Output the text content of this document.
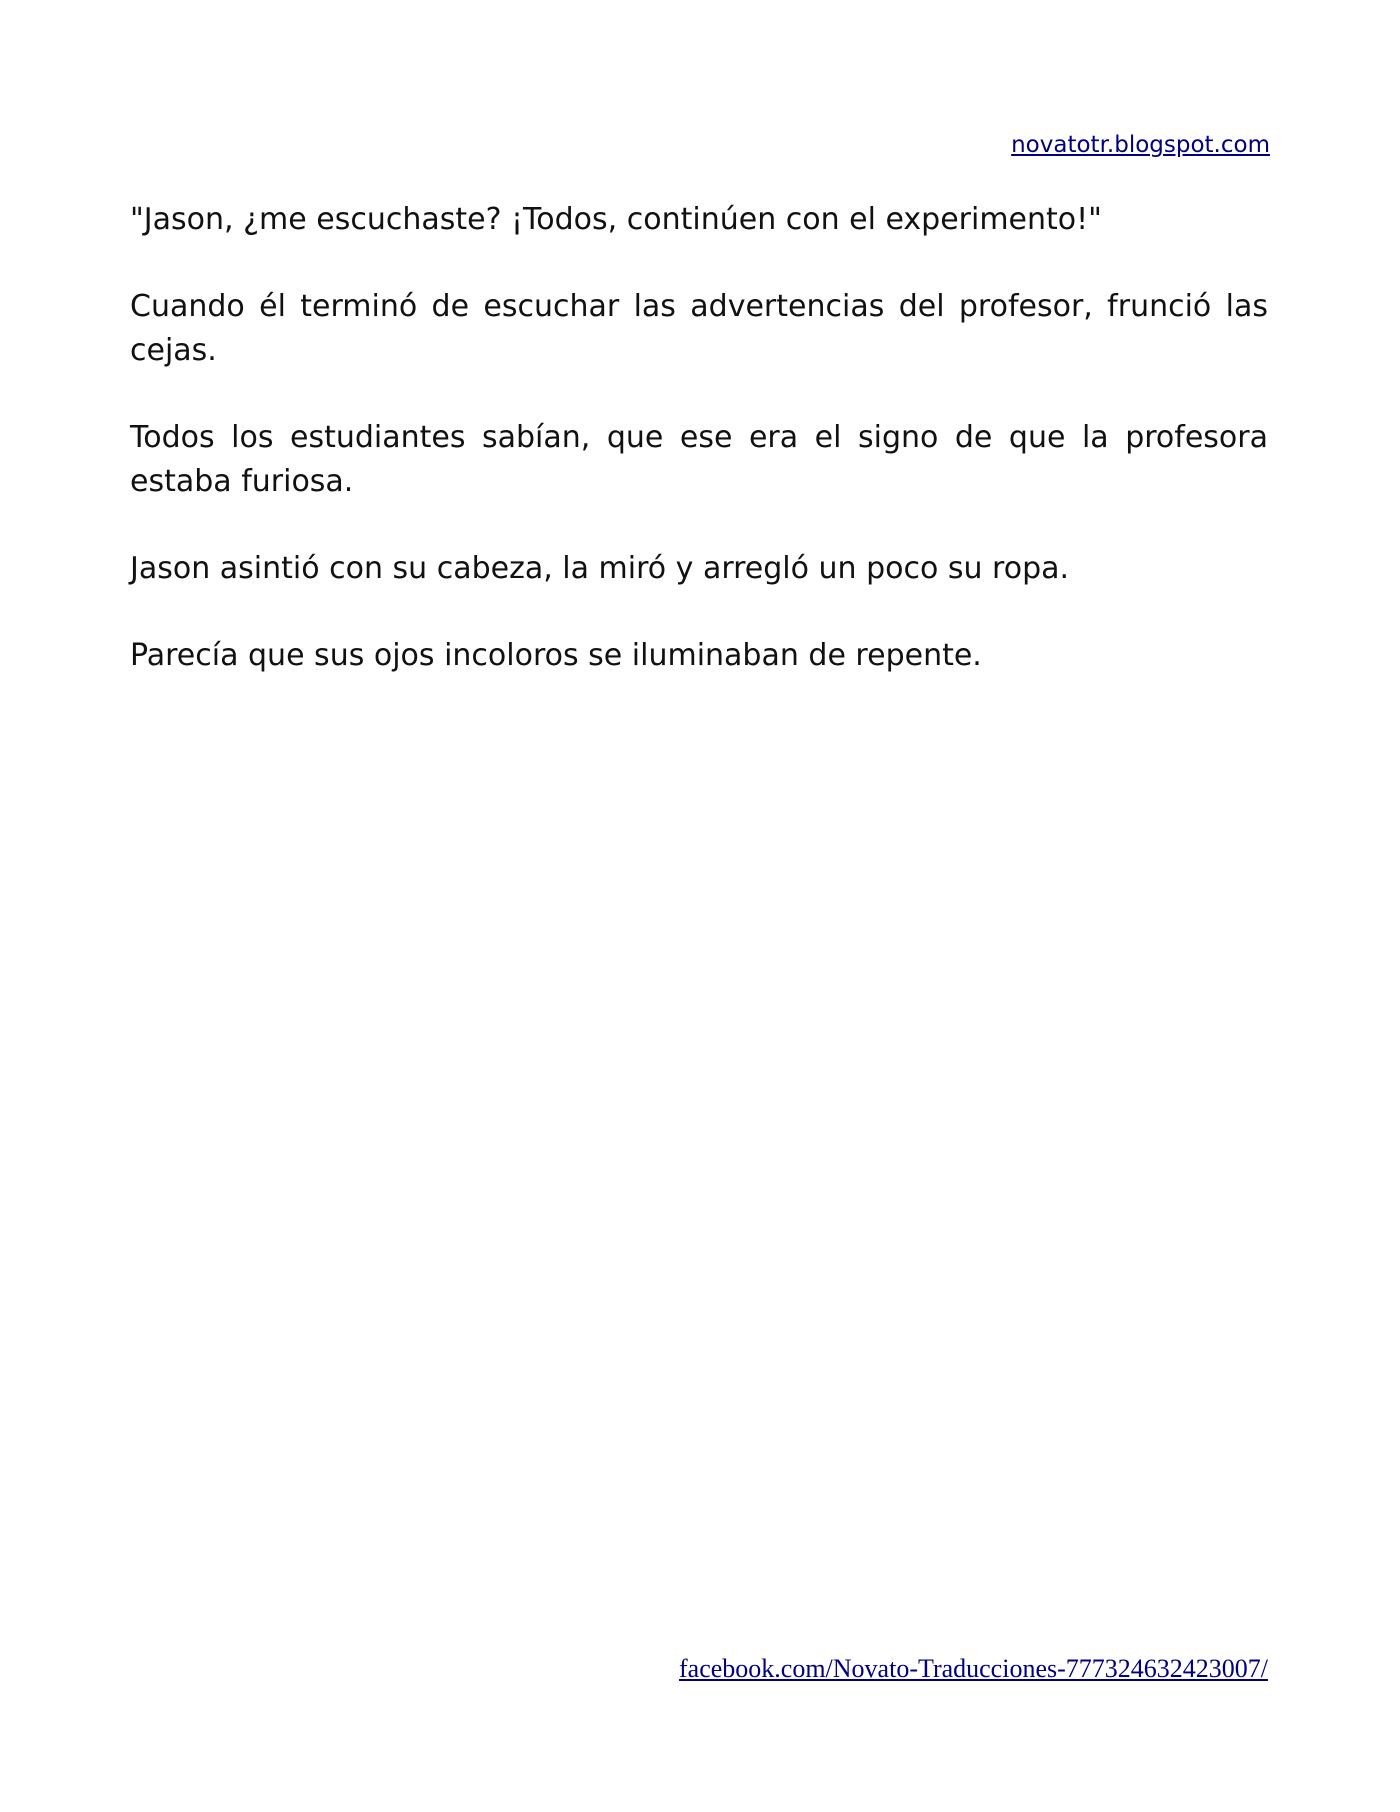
novatotr.blogspot.com

"Jason, ¿me escuchaste? ¡Todos, continúen con el experimento!"

Cuando él terminó de escuchar las advertencias del profesor, frunció las cejas.

Todos los estudiantes sabían, que ese era el signo de que la profesora estaba furiosa.

Jason asintió con su cabeza, la miró y arregló un poco su ropa.

Parecía que sus ojos incoloros se iluminaban de repente.

facebook.com/Novato-Traducciones-777324632423007/
